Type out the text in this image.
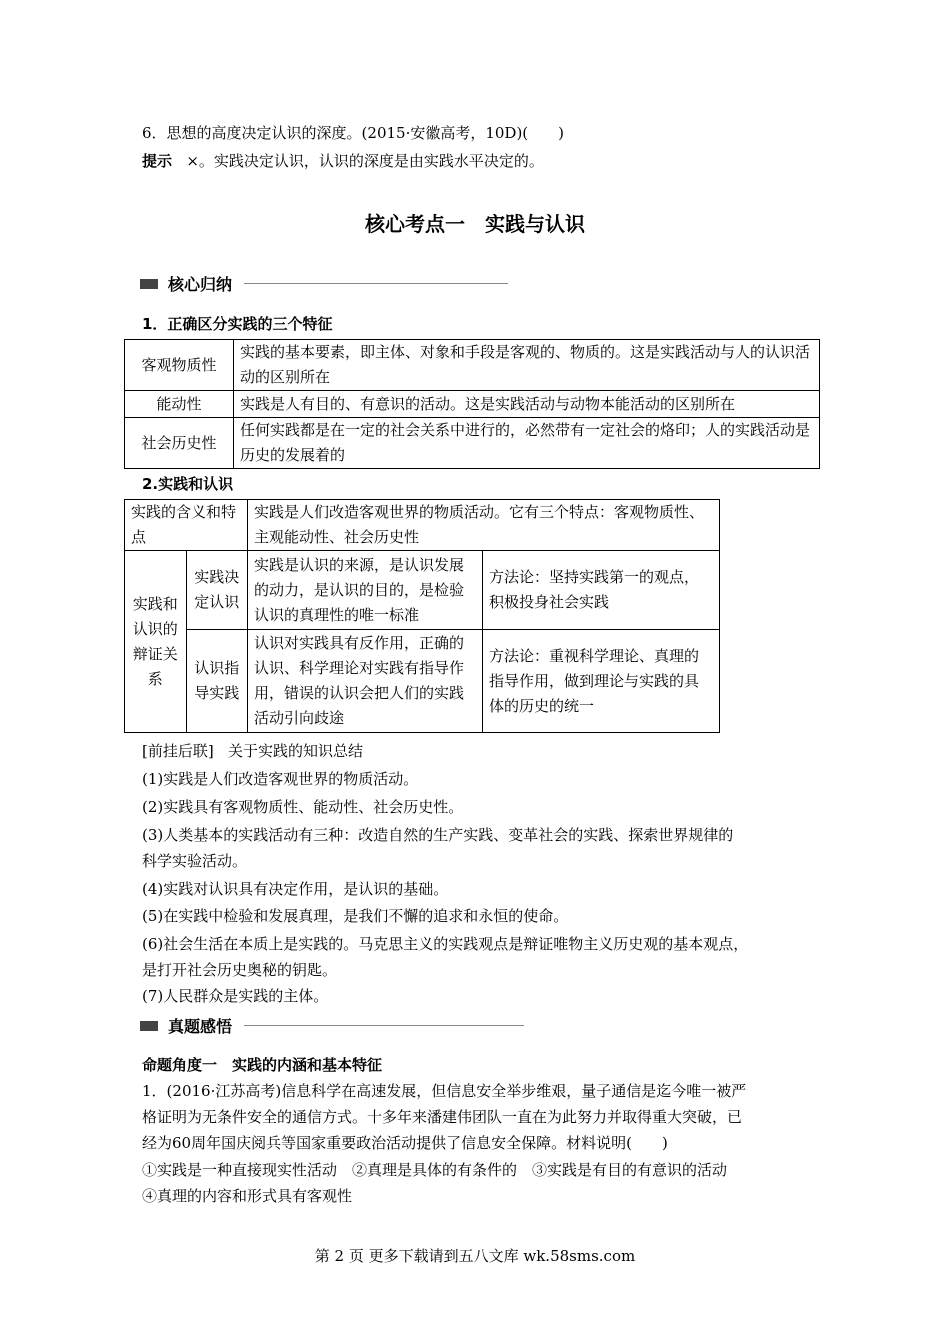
6．思想的高度决定认识的深度。(2015·安徽高考，10D)(　　)
提示 ×。实践决定认识，认识的深度是由实践水平决定的。
核心考点一　实践与认识
核心归纳
1．正确区分实践的三个特征
客观物质性	实践的基本要素，即主体、对象和手段是客观的、物质的。这是实践活动与人的认识活动的区别所在
能动性	实践是人有目的、有意识的活动。这是实践活动与动物本能活动的区别所在
社会历史性	任何实践都是在一定的社会关系中进行的，必然带有一定社会的烙印；人的实践活动是历史的发展着的
2.实践和认识
实践的含义和特点		实践是人们改造客观世界的物质活动。它有三个特点：客观物质性、主观能动性、社会历史性	
实践和认识的辩证关系	实践决定认识	实践是认识的来源，是认识发展的动力，是认识的目的，是检验认识的真理性的唯一标准	方法论：坚持实践第一的观点，积极投身社会实践
	认识指导实践	认识对实践具有反作用，正确的认识、科学理论对实践有指导作用，错误的认识会把人们的实践活动引向歧途	方法论：重视科学理论、真理的指导作用，做到理论与实践的具体的历史的统一
[前挂后联] 关于实践的知识总结
(1)实践是人们改造客观世界的物质活动。
(2)实践具有客观物质性、能动性、社会历史性。
(3)人类基本的实践活动有三种：改造自然的生产实践、变革社会的实践、探索世界规律的
科学实验活动。
(4)实践对认识具有决定作用，是认识的基础。
(5)在实践中检验和发展真理，是我们不懈的追求和永恒的使命。
(6)社会生活在本质上是实践的。马克思主义的实践观点是辩证唯物主义历史观的基本观点，
是打开社会历史奥秘的钥匙。
(7)人民群众是实践的主体。
真题感悟
命题角度一　实践的内涵和基本特征
1．(2016·江苏高考)信息科学在高速发展，但信息安全举步维艰，量子通信是迄今唯一被严
格证明为无条件安全的通信方式。十多年来潘建伟团队一直在为此努力并取得重大突破，已
经为60周年国庆阅兵等国家重要政治活动提供了信息安全保障。材料说明(　　)
①实践是一种直接现实性活动　②真理是具体的有条件的　③实践是有目的有意识的活动
④真理的内容和形式具有客观性
第 2 页 更多下载请到五八文库 wk.58sms.com
